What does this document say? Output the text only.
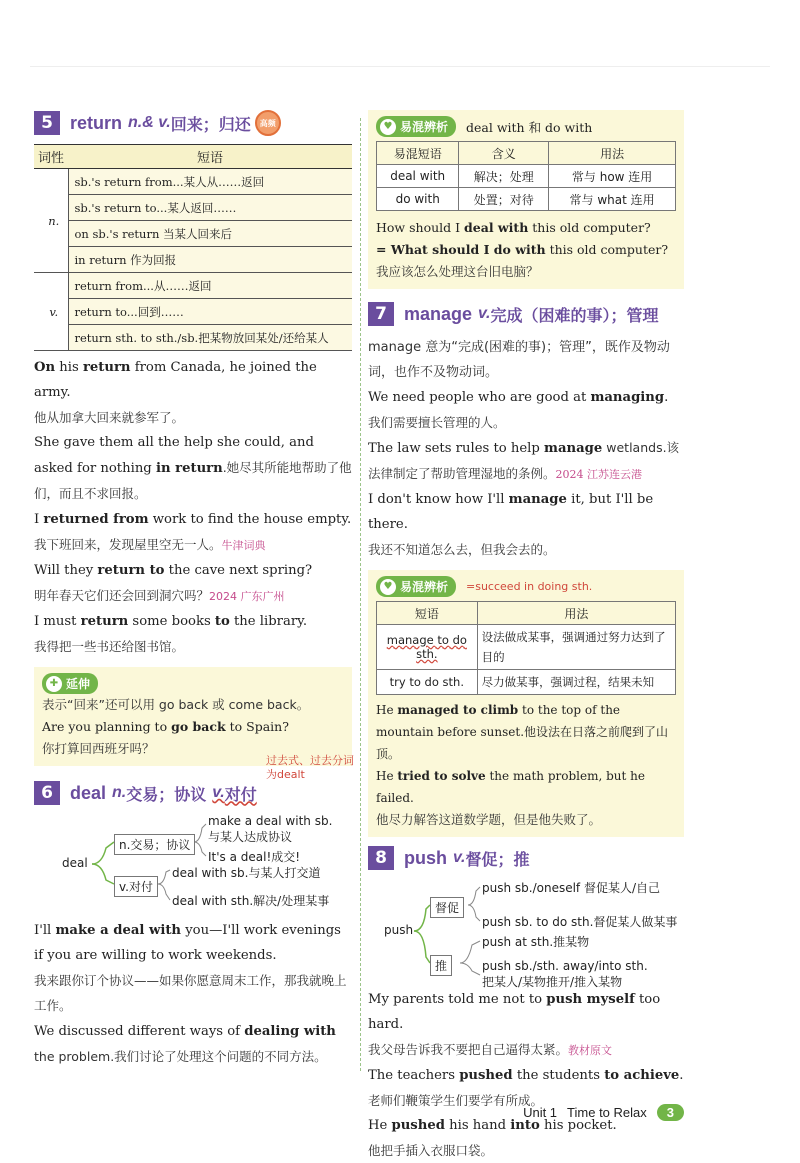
5 return n.& v. 回来；归还	高频
词性	短语
n.	sb.'s return from...某人从……返回
	sb.'s return to...某人返回……
	on sb.'s return 当某人回来后
	in return 作为回报
v.	return from...从……返回
	return to...回到……
	return sth. to sth./sb.把某物放回某处/还给某人
On his return from Canada, he joined the army.
他从加拿大回来就参军了。
She gave them all the help she could, and asked for nothing in return.她尽其所能地帮助了他们，而且不求回报。
I returned from work to find the house empty.
我下班回来，发现屋里空无一人。牛津词典
Will they return to the cave next spring?
明年春天它们还会回到洞穴吗？2024 广东广州
I must return some books to the library.
我得把一些书还给图书馆。
✚ 延伸
表示“回来”还可以用 go back 或 come back。
Are you planning to go back to Spain?
你打算回西班牙吗？
6 deal n. 交易；协议 v. 对付
过去式、过去分词为dealt
deal
n.交易；协议
v.对付
make a deal with sb.
与某人达成协议
It's a deal!成交!
deal with sb.与某人打交道
deal with sth.解决/处理某事
I'll make a deal with you—I'll work evenings if you are willing to work weekends.
我来跟你订个协议——如果你愿意周末工作，那我就晚上工作。
We discussed different ways of dealing with the problem.我们讨论了处理这个问题的不同方法。
♥ 易混辨析 deal with 和 do with
易混短语	含义	用法
deal with	解决；处理	常与 how 连用
do with	处置；对待	常与 what 连用
How should I deal with this old computer?
= What should I do with this old computer?
我应该怎么处理这台旧电脑？
7 manage v. 完成（困难的事）；管理
manage 意为“完成(困难的事)；管理”，既作及物动词，也作不及物动词。
We need people who are good at managing.
我们需要擅长管理的人。
The law sets rules to help manage wetlands.该法律制定了帮助管理湿地的条例。2024 江苏连云港
I don't know how I'll manage it, but I'll be there.
我还不知道怎么去，但我会去的。
♥ 易混辨析 =succeed in doing sth.
短语	用法
manage to do sth.	设法做成某事，强调通过努力达到了目的
try to do sth.	尽力做某事，强调过程，结果未知
He managed to climb to the top of the mountain before sunset.他设法在日落之前爬到了山顶。
He tried to solve the math problem, but he failed.
他尽力解答这道数学题，但是他失败了。
8 push v. 督促；推
push
督促
推
push sb./oneself 督促某人/自己
push sb. to do sth.督促某人做某事
push at sth.推某物
push sb./sth. away/into sth.
把某人/某物推开/推入某物
My parents told me not to push myself too hard.
我父母告诉我不要把自己逼得太紧。教材原文
The teachers pushed the students to achieve.
老师们鞭策学生们要学有所成。
He pushed his hand into his pocket.
他把手插入衣服口袋。
Unit 1 Time to Relax	3
